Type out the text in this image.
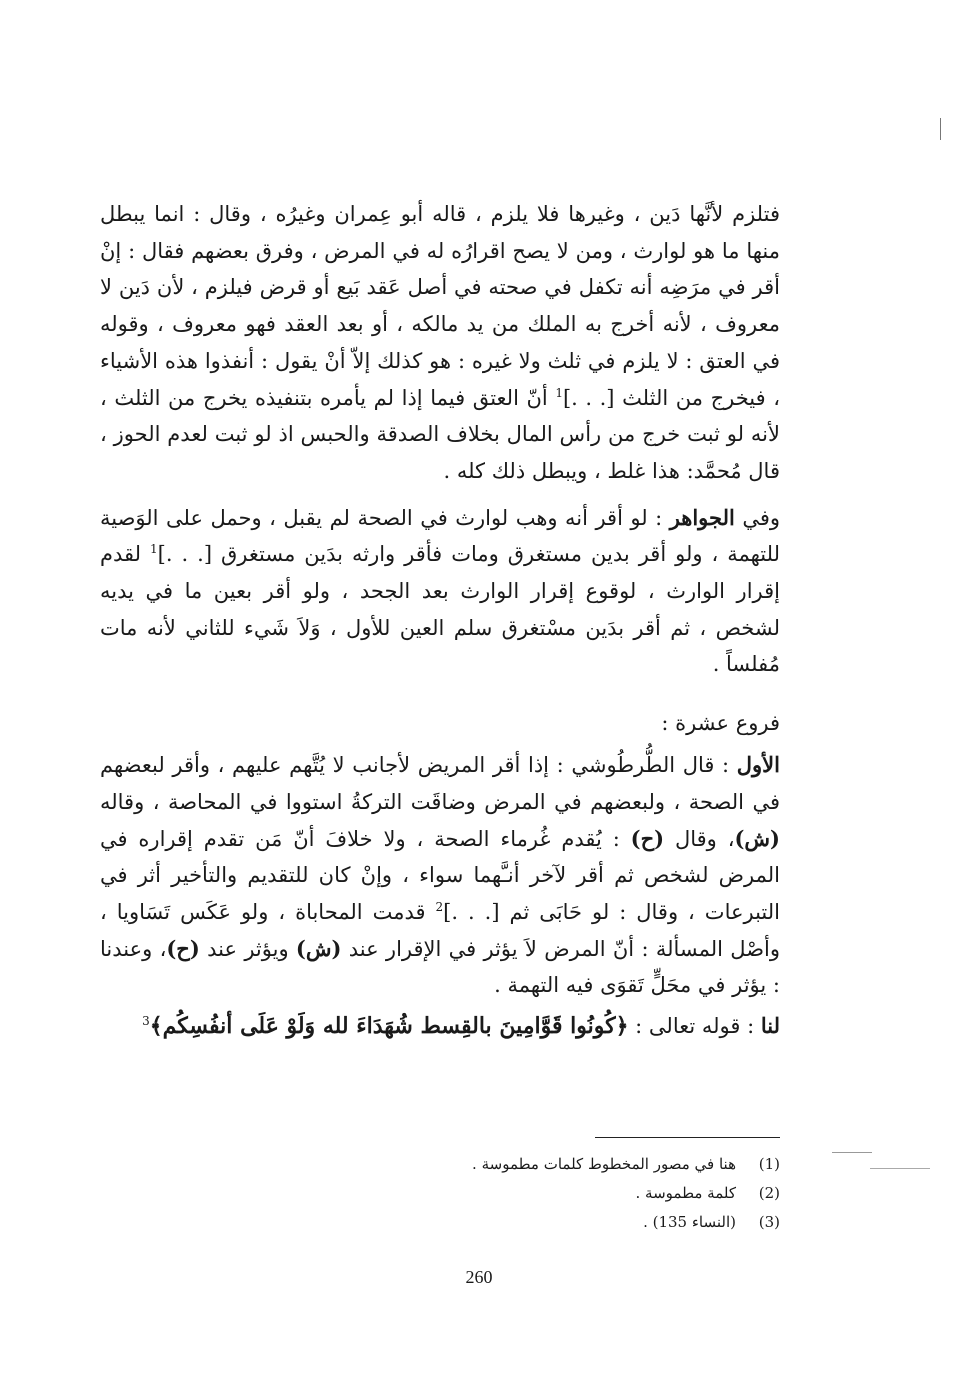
فتلزم لأنَّها دَين ، وغيرها فلا يلزم ، قاله أبو عِمران وغيرُه ، وقال : انما يبطل منها ما هو لوارث ، ومن لا يصح اقرارُه له في المرض ، وفرق بعضهم فقال : إنْ أقر في مرَضِه أنه تكفل في صحته في أصل عَقد بَيع أو قرض فيلزم ، لأن دَين لا معروف ، لأنه أخرج به الملك من يد مالكه ، أو بعد العقد فهو معروف ، وقوله في العتق : لا يلزم في ثلث ولا غيره : هو كذلك إلاّ أنْ يقول : أنفذوا هذه الأشياء ، فيخرج من الثلث [. . .]$^1$ أنّ العتق فيما إذا لم يأمره بتنفيذه يخرج من الثلث ، لأنه لو ثبت خرج من رأس المال بخلاف الصدقة والحبس اذ لو ثبت لعدم الحوز ، قال مُحمَّد: هذا غلط ، ويبطل ذلك كله .

وفي الجواهر : لو أقر أنه وهب لوارث في الصحة لم يقبل ، وحمل على الوَصية للتهمة ، ولو أقر بدين مستغرق ومات فأقر وارثه بدَين مستغرق [. . .]$^1$ لقدم إقرار الوارث ، لوقوع إقرار الوارث بعد الجحد ، ولو أقر بعين ما في يديه لشخص ، ثم أقر بدَين مسْتغرق سلم العين للأول ، وَلاَ شَيء للثاني لأنه مات مُفلساً .

فروع عشرة :

الأول : قال الطُّرطُوشي : إذا أقر المريض لأجانب لا يُتَّهم عليهم ، وأقر لبعضهم في الصحة ، ولبعضهم في المرض وضاقَت التركةُ استووا في المحاصة ، وقاله (ش)، وقال (ح) : يُقدم غُرماء الصحة ، ولا خلافَ أنّ مَن تقدم إقراره في المرض لشخص ثم أقر لآخر أنـَّهما سواء ، وإنْ كان للتقديم والتأخير أثر في التبرعات ، وقال : لو حَابَى ثم [. . .]$^2$ قدمت المحاباة ، ولو عَكَس تَسَاويا ، وأصْل المسألة : أنّ المرض لاَ يؤثر في الإقرار عند (ش) ويؤثر عند (ح)، وعندنا : يؤثر في محَلٍّ تَقوَى فيه التهمة .

لنا : قوله تعالى : ﴿كُونُوا قَوَّامِينَ بالقِسط شُهَدَاءَ لله وَلَوْ عَلَى أنفُسِكُم﴾$^3$

(1)هنا في مصور المخطوط كلمات مطموسة .
(2)كلمة مطموسة .
(3)(النساء 135) .
260
